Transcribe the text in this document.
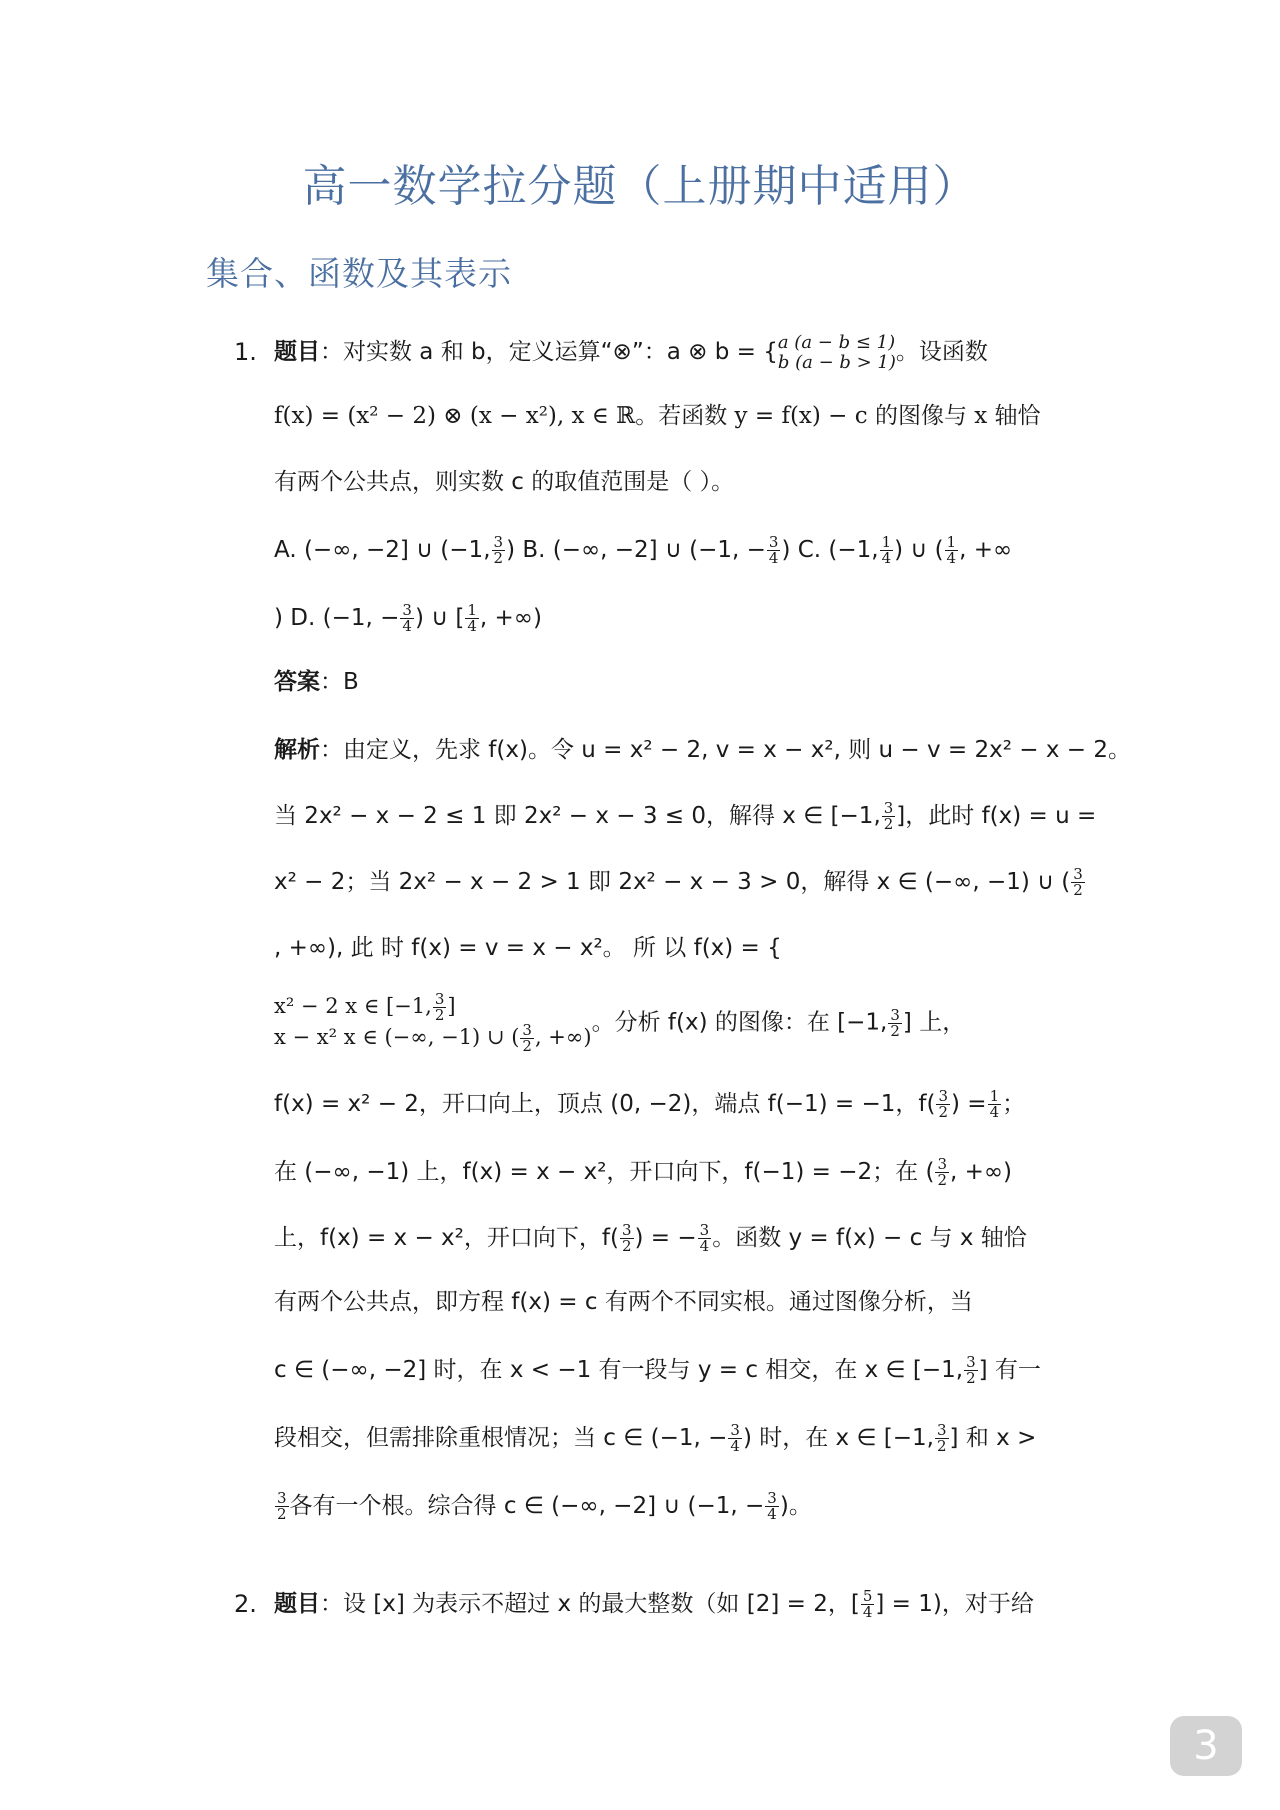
高一数学拉分题（上册期中适用）
集合、函数及其表示
1. 题目：对实数 a 和 b，定义运算“⊗”：a ⊗ b = { a (a − b ≤ 1)
b (a − b > 1) 。设函数
f(x) = (x² − 2) ⊗ (x − x²), x ∈ ℝ。若函数 y = f(x) − c 的图像与 x 轴恰
有两个公共点，则实数 c 的取值范围是（ ）。
A. (−∞, −2] ∪ (−1, $\frac{3}{2}$ ) B. (−∞, −2] ∪ (−1, − $\frac{3}{4}$ ) C. (−1, $\frac{1}{4}$ ) ∪ ( $\frac{1}{4}$ , +∞
) D. (−1, − $\frac{3}{4}$ ) ∪ [ $\frac{1}{4}$ , +∞)
答案：B
解析：由定义，先求 f(x)。令 u = x² − 2, v = x − x², 则 u − v = 2x² − x − 2。
当 2x² − x − 2 ≤ 1 即 2x² − x − 3 ≤ 0，解得 x ∈ [−1, $\frac{3}{2}$ ]，此时 f(x) = u =
x² − 2；当 2x² − x − 2 > 1 即 2x² − x − 3 > 0，解得 x ∈ (−∞, −1) ∪ ( $\frac{3}{2}$
, +∞), 此 时 f(x) = v = x − x²。 所 以 f(x) = {
x² − 2 x ∈ [−1, $\frac{3}{2}$ ]
x − x² x ∈ (−∞, −1) ∪ ( $\frac{3}{2}$ , +∞)
。分析 f(x) 的图像：在 [−1, $\frac{3}{2}$ ] 上，
f(x) = x² − 2，开口向上，顶点 (0, −2)，端点 f(−1) = −1，$f( \frac{3}{2}$ ) = $\frac{1}{4}$ ；
在 (−∞, −1) 上，f(x) = x − x²，开口向下，f(−1) = −2；在 ( $\frac{3}{2}$ , +∞)
上，f(x) = x − x²，开口向下，$f( \frac{3}{2}$ ) = − $\frac{3}{4}$ 。函数 y = f(x) − c 与 x 轴恰
有两个公共点，即方程 f(x) = c 有两个不同实根。通过图像分析，当
c ∈ (−∞, −2] 时，在 x < −1 有一段与 y = c 相交，在 x ∈ [−1, $\frac{3}{2}$ ] 有一
段相交，但需排除重根情况；当 c ∈ (−1, − $\frac{3}{4}$ ) 时，在 x ∈ [−1, $\frac{3}{2}$ ] 和 x >
$\frac{3}{2}$ 各有一个根。综合得 c ∈ (−∞, −2] ∪ (−1, − $\frac{3}{4}$ )。
2. 题目：设 [x] 为表示不超过 x 的最大整数（如 [2] = 2，[ $\frac{5}{4}$ ] = 1)，对于给
3
